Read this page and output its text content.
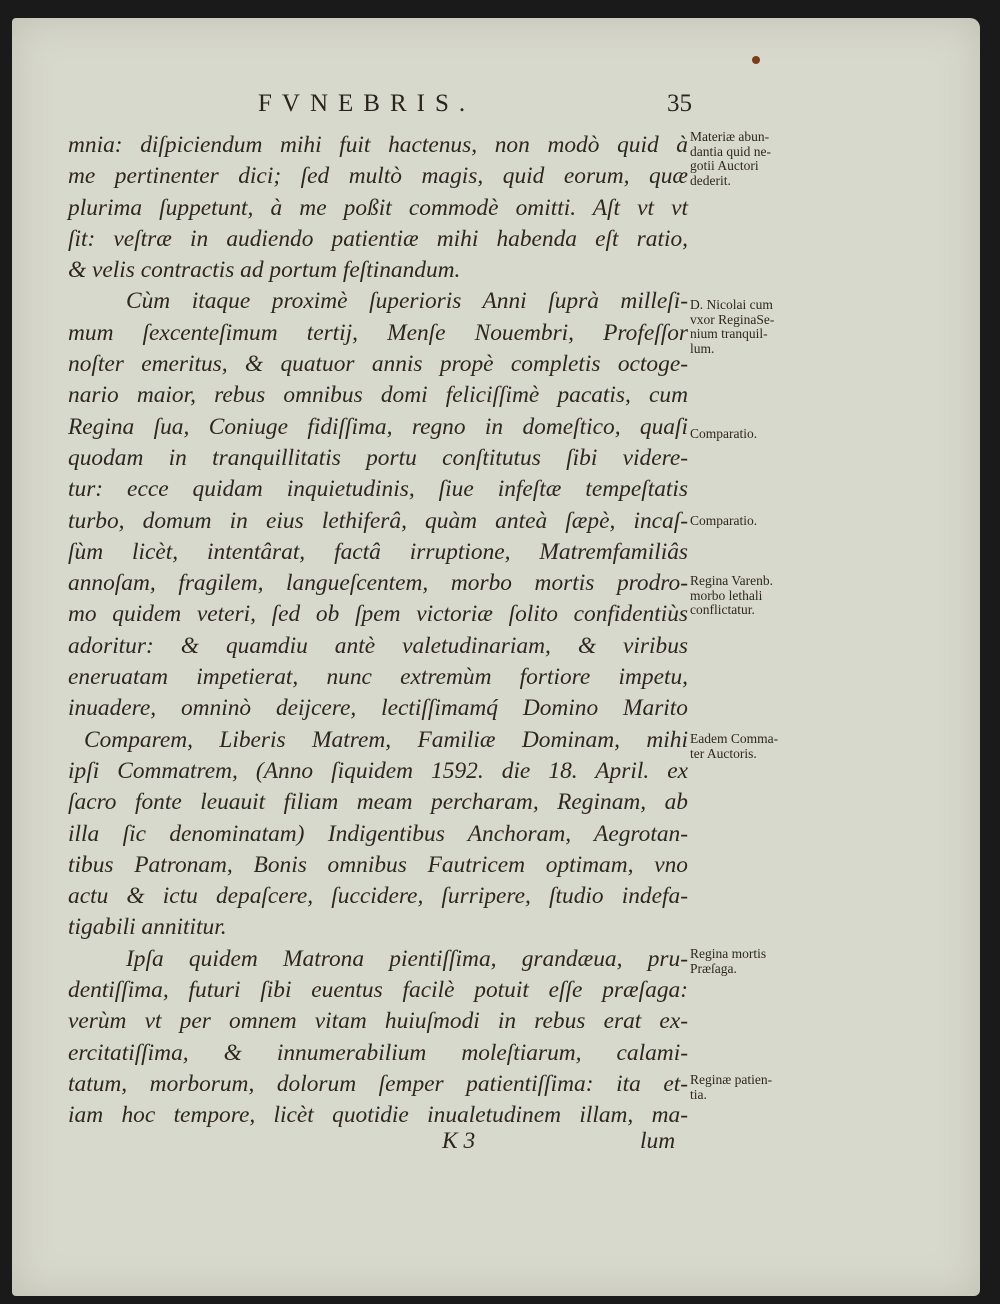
FVNEBRIS.	35
mnia: diſpiciendum mihi fuit hactenus, non modò quid à
me pertinenter dici; ſed multò magis, quid eorum, quæ
plurima ſuppetunt, à me poßit commodè omitti. Aſt vt vt
ſit: veſtræ in audiendo patientiæ mihi habenda eſt ratio,
& velis contractis ad portum feſtinandum.
Cùm itaque proximè ſuperioris Anni ſuprà milleſi-
mum ſexcenteſimum tertij, Menſe Nouembri, Profeſſor
noſter emeritus, & quatuor annis propè completis octoge-
nario maior, rebus omnibus domi feliciſſimè pacatis, cum
Regina ſua, Coniuge fidiſſima, regno in domeſtico, quaſi
quodam in tranquillitatis portu conſtitutus ſibi videre-
tur: ecce quidam inquietudinis, ſiue infeſtæ tempeſtatis
turbo, domum in eius lethiferâ, quàm anteà ſæpè, incaſ-
ſùm licèt, intentârat, factâ irruptione, Matremfamiliâs
annoſam, fragilem, langueſcentem, morbo mortis prodro-
mo quidem veteri, ſed ob ſpem victoriæ ſolito confidentiùs
adoritur: & quamdiu antè valetudinariam, & viribus
eneruatam impetierat, nunc extremùm fortiore impetu,
inuadere, omninò deijcere, lectiſſimamq́ Domino Marito
Comparem, Liberis Matrem, Familiæ Dominam, mihi
ipſi Commatrem, (Anno ſiquidem 1592. die 18. April. ex
ſacro fonte leuauit filiam meam percharam, Reginam, ab
illa ſic denominatam) Indigentibus Anchoram, Aegrotan-
tibus Patronam, Bonis omnibus Fautricem optimam, vno
actu & ictu depaſcere, ſuccidere, ſurripere, ſtudio indefa-
tigabili annititur.
Ipſa quidem Matrona pientiſſima, grandæua, pru-
dentiſſima, futuri ſibi euentus facilè potuit eſſe præſaga:
verùm vt per omnem vitam huiuſmodi in rebus erat ex-
ercitatiſſima, & innumerabilium moleſtiarum, calami-
tatum, morborum, dolorum ſemper patientiſſima: ita et-
iam hoc tempore, licèt quotidie inualetudinem illam, ma-
Materiæ abun-
dantia quid ne-
gotii Auctori
dederit.
D. Nicolai cum
vxor ReginaSe-
nium tranquil-
lum.
Comparatio.
Comparatio.
Regina Varenb.
morbo lethali
conflictatur.
Eadem Comma-
ter Auctoris.
Regina mortis
Præſaga.
Reginæ patien-
tia.
K 3	lum
